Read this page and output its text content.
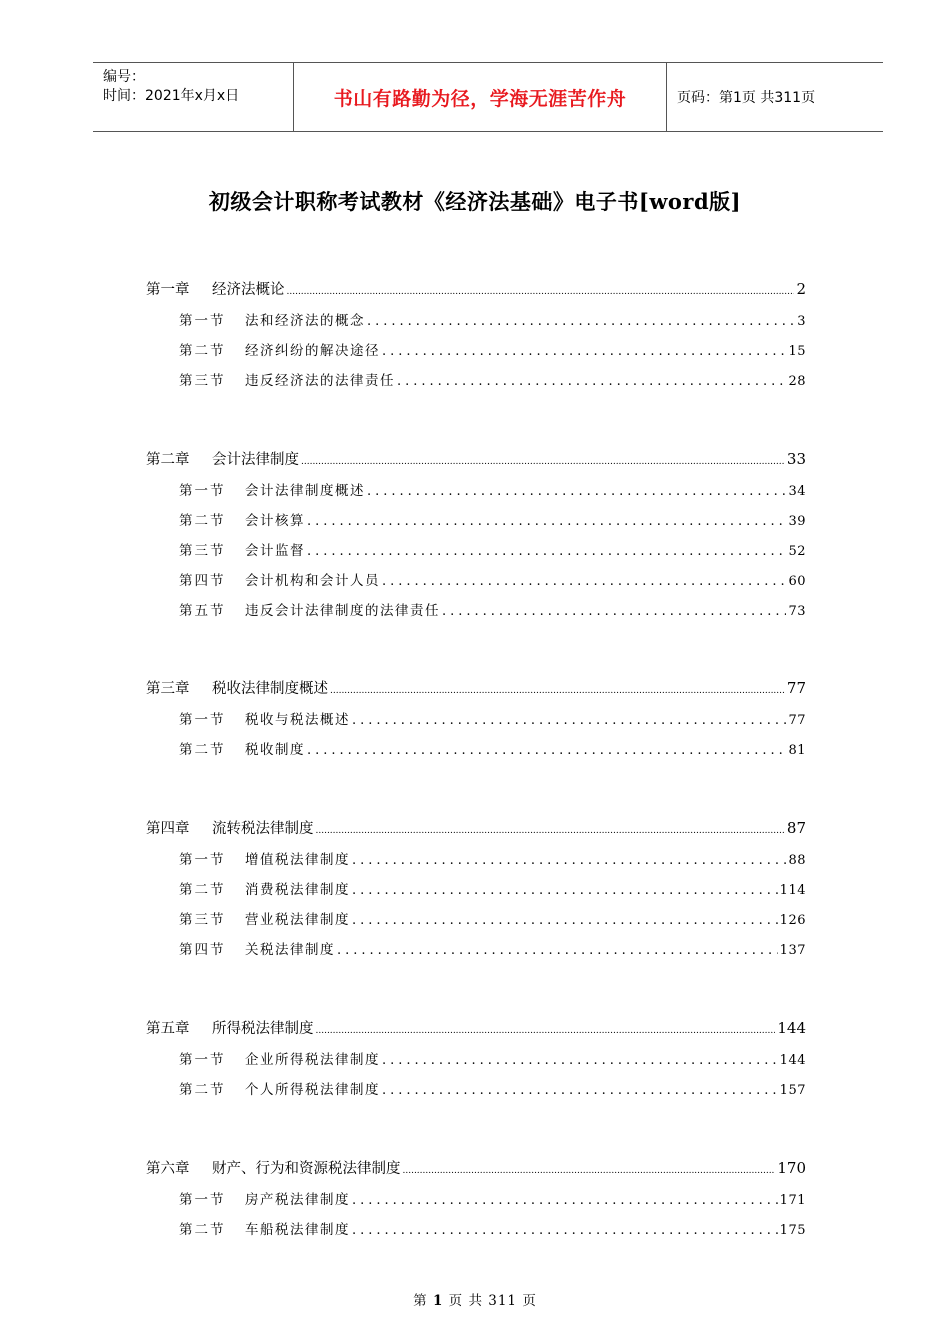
编号：
时间：2021年x月x日	书山有路勤为径，学海无涯苦作舟	页码：第1页 共311页
初级会计职称考试教材《经济法基础》电子书[word版]
第一章	经济法概论 .....	2
第一节	法和经济法的概念 .....	3
第二节	经济纠纷的解决途径 .....	15
第三节	违反经济法的法律责任 .....	28
第二章	会计法律制度 .....	33
第一节	会计法律制度概述 .....	34
第二节	会计核算 .....	39
第三节	会计监督 .....	52
第四节	会计机构和会计人员 .....	60
第五节	违反会计法律制度的法律责任 .....	73
第三章	税收法律制度概述 .....	77
第一节	税收与税法概述 .....	77
第二节	税收制度 .....	81
第四章	流转税法律制度 .....	87
第一节	增值税法律制度 .....	88
第二节	消费税法律制度 .....	114
第三节	营业税法律制度 .....	126
第四节	关税法律制度 .....	137
第五章	所得税法律制度 .....	144
第一节	企业所得税法律制度 .....	144
第二节	个人所得税法律制度 .....	157
第六章	财产、行为和资源税法律制度 .....	170
第一节	房产税法律制度 .....	171
第二节	车船税法律制度 .....	175
第 1 页 共 311 页
